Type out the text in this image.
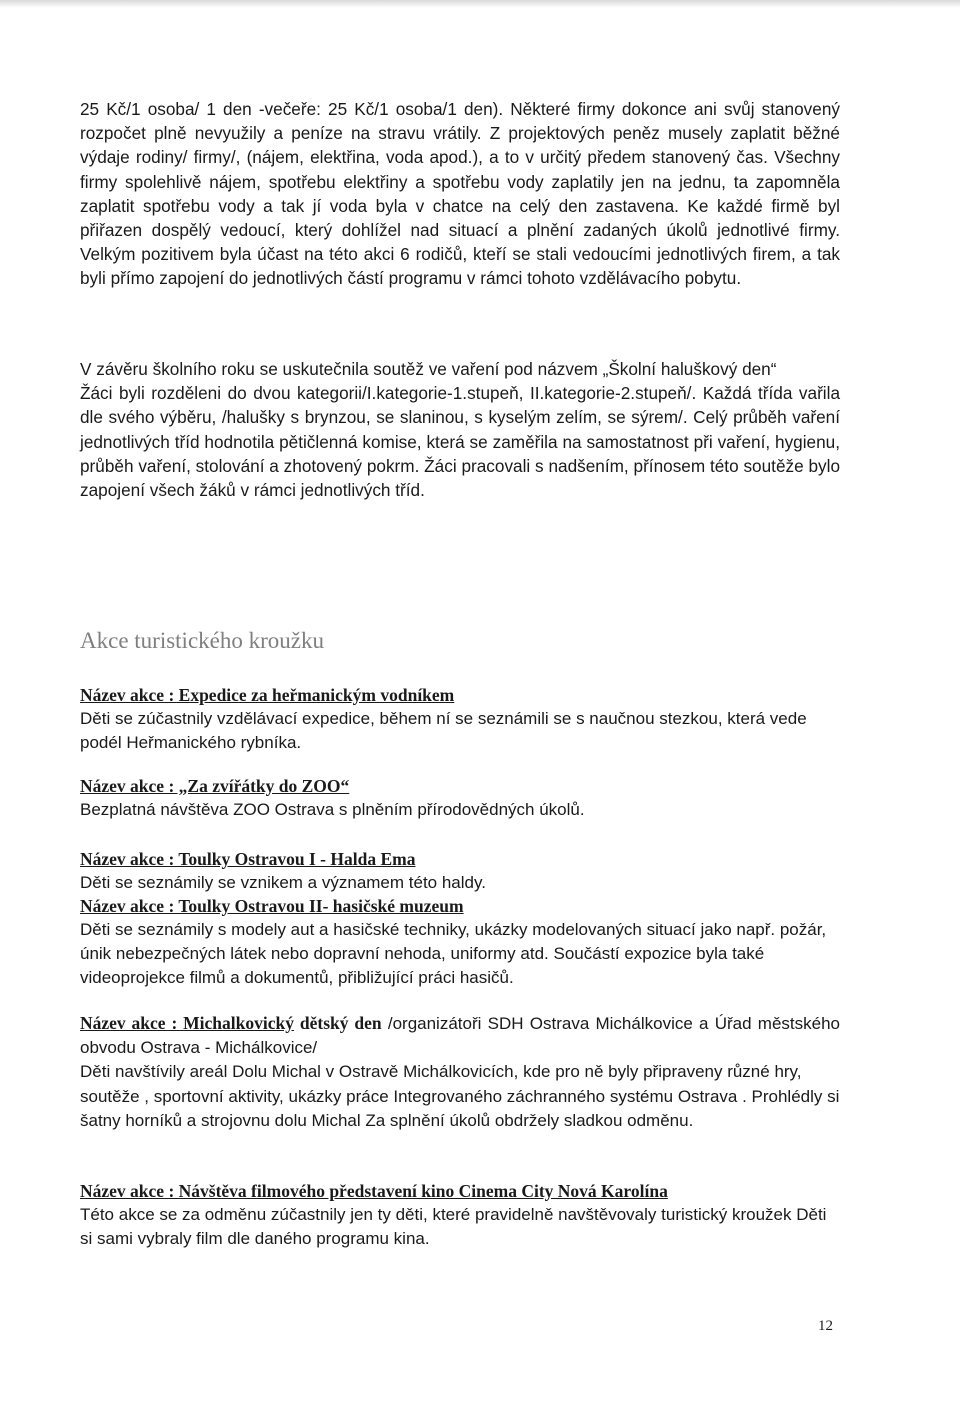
25 Kč/1 osoba/ 1 den -večeře: 25 Kč/1 osoba/1 den). Některé firmy dokonce ani svůj stanovený rozpočet plně nevyužily a peníze na stravu vrátily. Z projektových peněz musely zaplatit běžné výdaje rodiny/ firmy/, (nájem, elektřina, voda apod.), a to v určitý předem stanovený čas. Všechny firmy spolehlivě nájem, spotřebu elektřiny a spotřebu vody zaplatily jen na jednu, ta zapomněla zaplatit spotřebu vody a tak jí voda byla v chatce na celý den zastavena. Ke každé firmě byl přiřazen dospělý vedoucí, který dohlížel nad situací a plnění zadaných úkolů jednotlivé firmy. Velkým pozitivem byla účast na této akci 6 rodičů, kteří se stali vedoucími jednotlivých firem, a tak byli přímo zapojení do jednotlivých částí programu v rámci tohoto vzdělávacího pobytu.

V závěru školního roku se uskutečnila soutěž ve vaření pod názvem „Školní haluškový den“
Žáci byli rozděleni do dvou kategorii/I.kategorie-1.stupeň, II.kategorie-2.stupeň/. Každá třída vařila dle svého výběru, /halušky s brynzou, se slaninou, s kyselým zelím, se sýrem/. Celý průběh vaření jednotlivých tříd hodnotila pětičlenná komise, která se zaměřila na samostatnost při vaření, hygienu, průběh vaření, stolování a zhotovený pokrm. Žáci pracovali s nadšením, přínosem této soutěže bylo zapojení všech žáků v rámci jednotlivých tříd.
Akce turistického kroužku
Název akce : Expedice za heřmanickým vodníkem
Děti se zúčastnily vzdělávací expedice, během ní se seznámili se s naučnou stezkou, která vede podél Heřmanického rybníka.
Název akce : „Za zvířátky do ZOO“
Bezplatná návštěva ZOO Ostrava s plněním přírodovědných úkolů.
Název akce : Toulky Ostravou I - Halda Ema
Děti se seznámily se vznikem a významem této haldy.
Název akce : Toulky Ostravou II- hasičské muzeum
Děti se seznámily s modely aut a hasičské techniky, ukázky modelovaných situací jako např. požár, únik nebezpečných látek nebo dopravní nehoda, uniformy atd. Součástí expozice byla také videoprojekce filmů a dokumentů, přibližující práci hasičů.
Název akce : Michalkovický dětský den /organizátoři SDH Ostrava Michálkovice a Úřad městského obvodu Ostrava - Michálkovice/
Děti navštívily areál Dolu Michal v Ostravě Michálkovicích, kde pro ně byly připraveny různé hry, soutěže , sportovní aktivity, ukázky práce Integrovaného záchranného systému Ostrava . Prohlédly si šatny horníků a strojovnu dolu Michal Za splnění úkolů obdržely sladkou odměnu.
Název akce : Návštěva filmového představení kino Cinema City Nová Karolína
Této akce se za odměnu zúčastnily jen ty děti, které pravidelně navštěvovaly turistický kroužek Děti si sami vybraly film dle daného programu kina.
12
